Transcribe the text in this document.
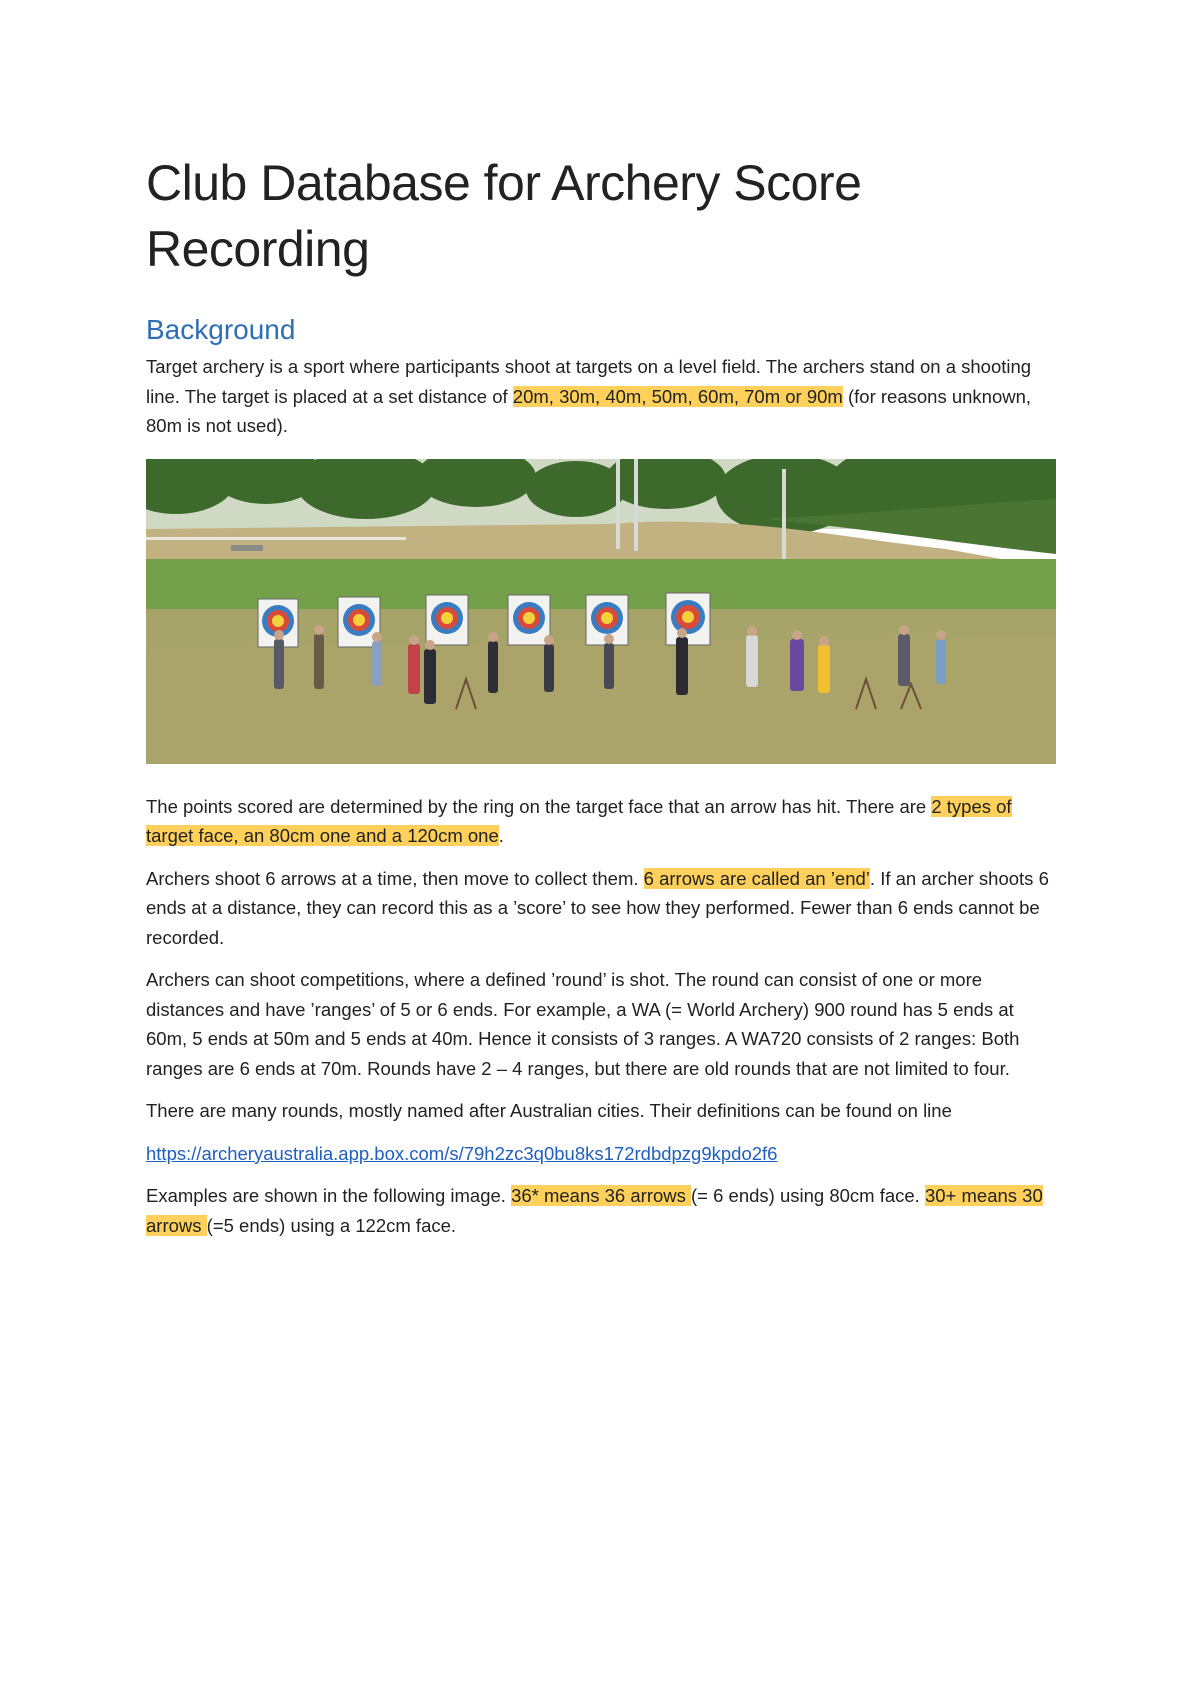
Club Database for Archery Score Recording
Background

Target archery is a sport where participants shoot at targets on a level field. The archers stand on a shooting line. The target is placed at a set distance of 20m, 30m, 40m, 50m, 60m, 70m or 90m (for reasons unknown, 80m is not used).

The points scored are determined by the ring on the target face that an arrow has hit. There are 2 types of target face, an 80cm one and a 120cm one.

Archers shoot 6 arrows at a time, then move to collect them. 6 arrows are called an ’end’. If an archer shoots 6 ends at a distance, they can record this as a ’score’ to see how they performed. Fewer than 6 ends cannot be recorded.

Archers can shoot competitions, where a defined ’round’ is shot. The round can consist of one or more distances and have ’ranges’ of 5 or 6 ends. For example, a WA (= World Archery) 900 round has 5 ends at 60m, 5 ends at 50m and 5 ends at 40m. Hence it consists of 3 ranges. A WA720 consists of 2 ranges: Both ranges are 6 ends at 70m. Rounds have 2 – 4 ranges, but there are old rounds that are not limited to four.

There are many rounds, mostly named after Australian cities. Their definitions can be found on line

https://archeryaustralia.app.box.com/s/79h2zc3q0bu8ks172rdbdpzg9kpdo2f6

Examples are shown in the following image. 36* means 36 arrows (= 6 ends) using 80cm face. 30+ means 30 arrows (=5 ends) using a 122cm face.
